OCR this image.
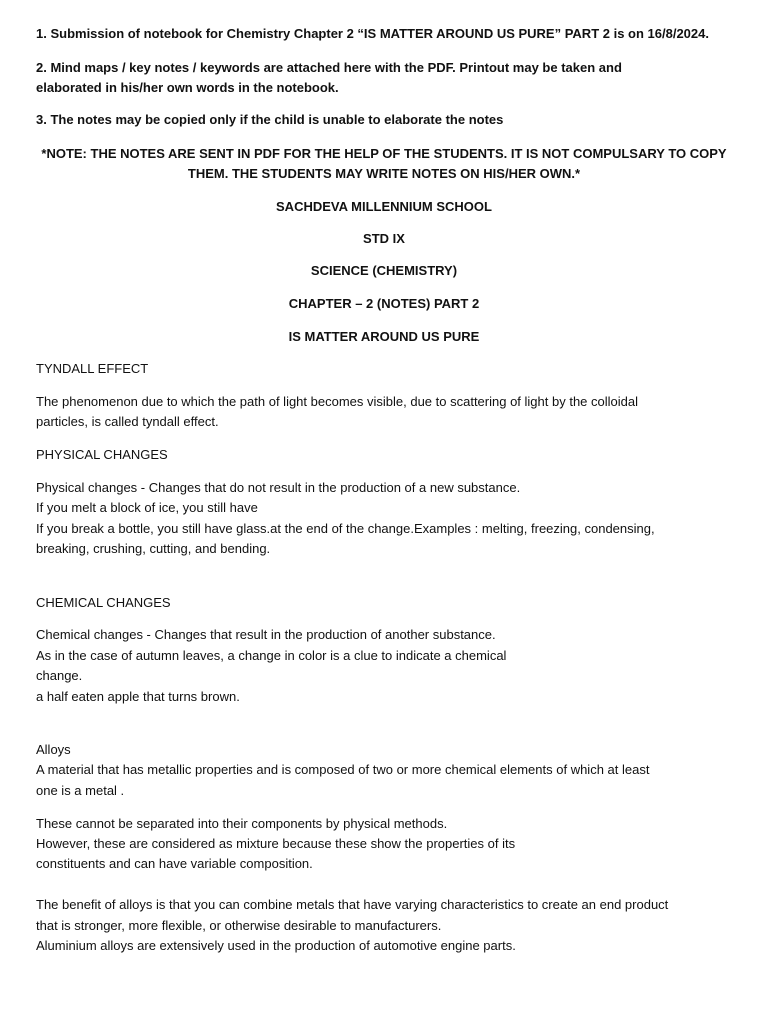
1. Submission of notebook for Chemistry Chapter 2 “IS MATTER AROUND US PURE” PART 2 is on 16/8/2024.
2. Mind maps / key notes / keywords are attached here with the PDF. Printout may be taken and
elaborated in his/her own words in the notebook.
3. The notes may be copied only if the child is unable to elaborate the notes
*NOTE: THE NOTES ARE SENT IN PDF FOR THE HELP OF THE STUDENTS. IT IS NOT COMPULSARY TO COPY
THEM. THE STUDENTS MAY WRITE NOTES ON HIS/HER OWN.*
SACHDEVA MILLENNIUM SCHOOL
STD IX
SCIENCE (CHEMISTRY)
CHAPTER – 2 (NOTES) PART 2
IS MATTER AROUND US PURE
TYNDALL EFFECT
The phenomenon due to which the path of light becomes visible, due to scattering of light by the colloidal
particles, is called tyndall effect.
PHYSICAL CHANGES
Physical changes - Changes that do not result in the production of a new substance.
If you melt a block of ice, you still have
If you break a bottle, you still have glass.at the end of the change.Examples : melting, freezing, condensing,
breaking, crushing, cutting, and bending.
CHEMICAL CHANGES
Chemical changes - Changes that result in the production of another substance.
As in the case of autumn leaves, a change in color is a clue to indicate a chemical
change.
a half eaten apple that turns brown.
Alloys
A material that has metallic properties and is composed of two or more chemical elements of which at least
one is a metal .
These cannot be separated into their components by physical methods.
However, these are considered as mixture because these show the properties of its
constituents and can have variable composition.
The benefit of alloys is that you can combine metals that have varying characteristics to create an end product
that is stronger, more flexible, or otherwise desirable to manufacturers.
Aluminium alloys are extensively used in the production of automotive engine parts.
